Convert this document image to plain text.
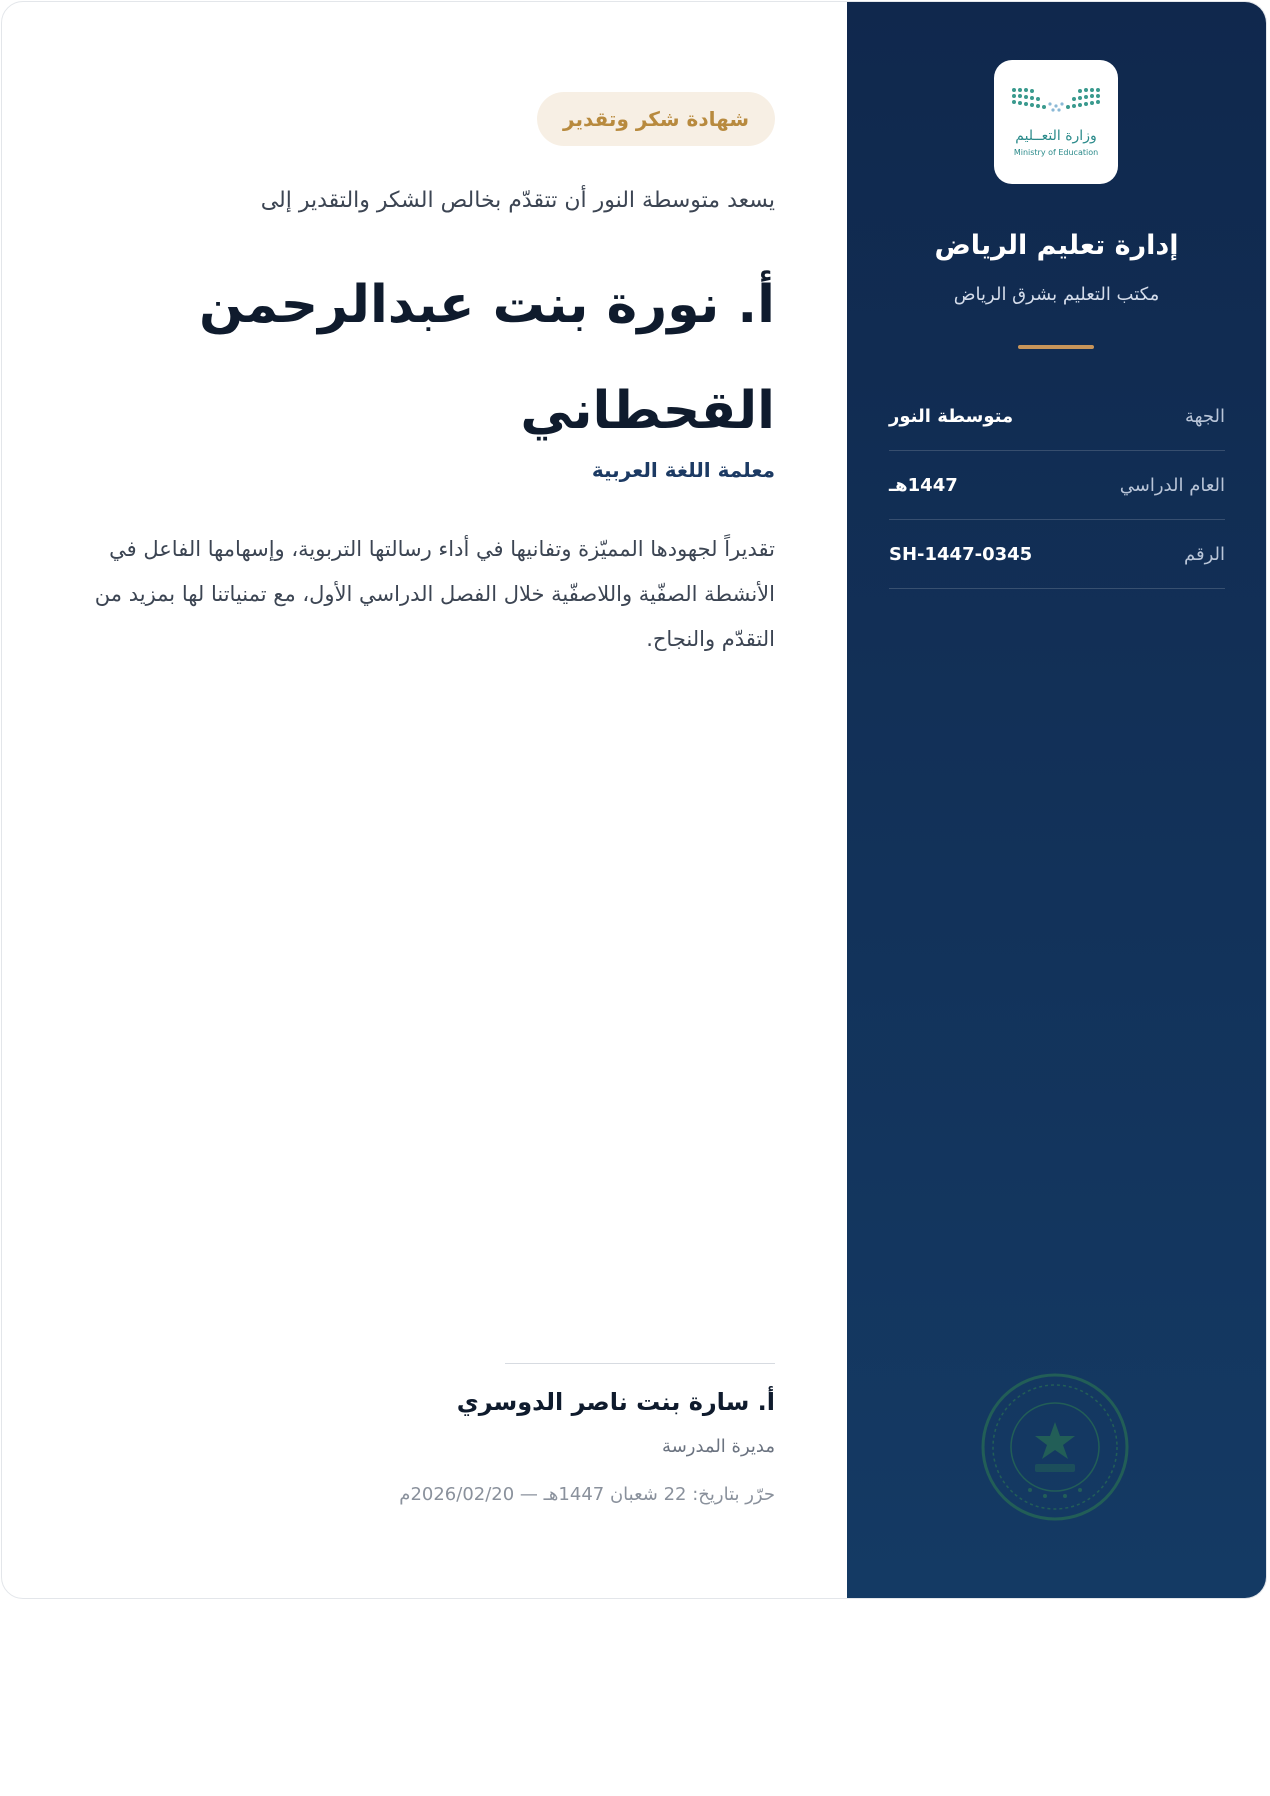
شهادة شكر وتقدير
يسعد متوسطة النور أن تتقدّم بخالص الشكر والتقدير إلى
أ. نورة بنت عبدالرحمن القحطاني
معلمة اللغة العربية
تقديراً لجهودها المميّزة وتفانيها في أداء رسالتها التربوية، وإسهامها الفاعل في الأنشطة الصفّية واللاصفّية خلال الفصل الدراسي الأول، مع تمنياتنا لها بمزيد من التقدّم والنجاح.
أ. سارة بنت ناصر الدوسري
مديرة المدرسة
حرّر بتاريخ: 22 شعبان 1447هـ — 2026/02/20م
وزارة التعــليم
Ministry of Education
إدارة تعليم الرياض
مكتب التعليم بشرق الرياض
الجهة
متوسطة النور
العام الدراسي
1447هـ
الرقم
SH-1447-0345
